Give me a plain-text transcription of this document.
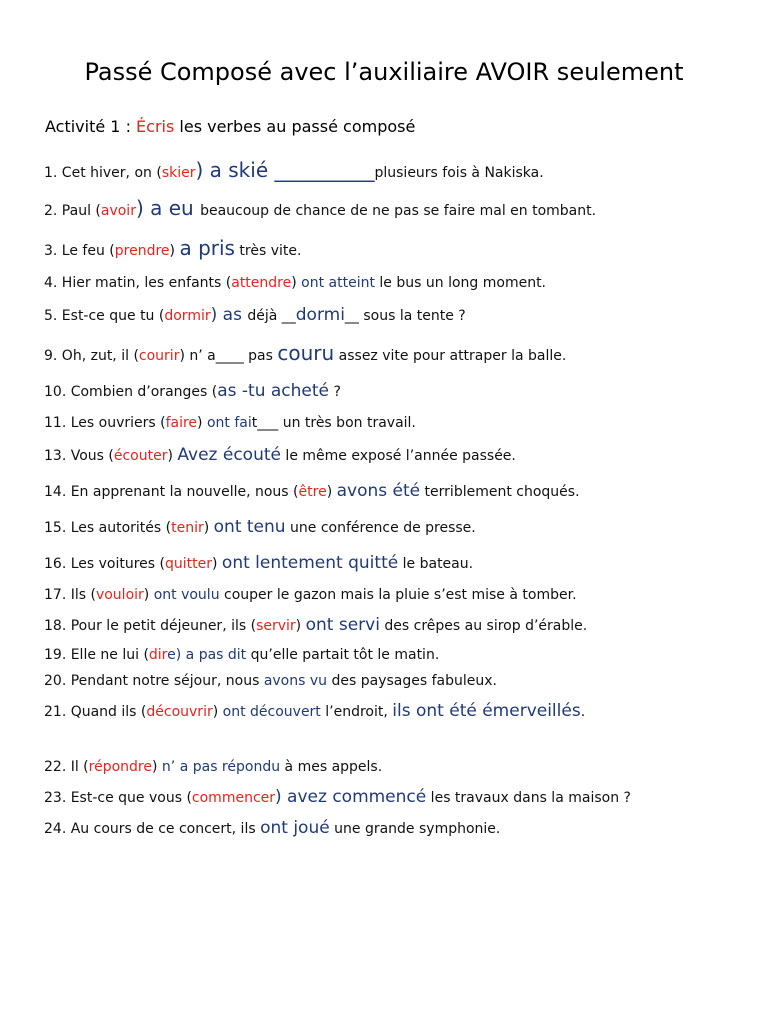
Passé Composé avec l’auxiliaire AVOIR seulement
Activité 1 : Écris les verbes au passé composé
1. Cet hiver, on (skier) a skié __________plusieurs fois à Nakiska.
2. Paul (avoir) a eu beaucoup de chance de ne pas se faire mal en tombant.
3. Le feu (prendre) a pris très vite.
4. Hier matin, les enfants (attendre) ont atteint le bus un long moment.
5. Est-ce que tu (dormir) as déjà __dormi__ sous la tente ?
9. Oh, zut, il (courir) n’ a____ pas couru assez vite pour attraper la balle.
10. Combien d’oranges (as -tu acheté ?
11. Les ouvriers (faire) ont fait___ un très bon travail.
13. Vous (écouter) Avez écouté le même exposé l’année passée.
14. En apprenant la nouvelle, nous (être) avons été terriblement choqués.
15. Les autorités (tenir) ont tenu une conférence de presse.
16. Les voitures (quitter) ont lentement quitté le bateau.
17. Ils (vouloir) ont voulu couper le gazon mais la pluie s’est mise à tomber.
18. Pour le petit déjeuner, ils (servir) ont servi des crêpes au sirop d’érable.
19. Elle ne lui (dire) a pas dit qu’elle partait tôt le matin.
20. Pendant notre séjour, nous avons vu des paysages fabuleux.
21. Quand ils (découvrir) ont découvert l’endroit, ils ont été émerveillés.
22. Il (répondre) n’ a pas répondu à mes appels.
23. Est-ce que vous (commencer) avez commencé les travaux dans la maison ?
24. Au cours de ce concert, ils ont joué une grande symphonie.
